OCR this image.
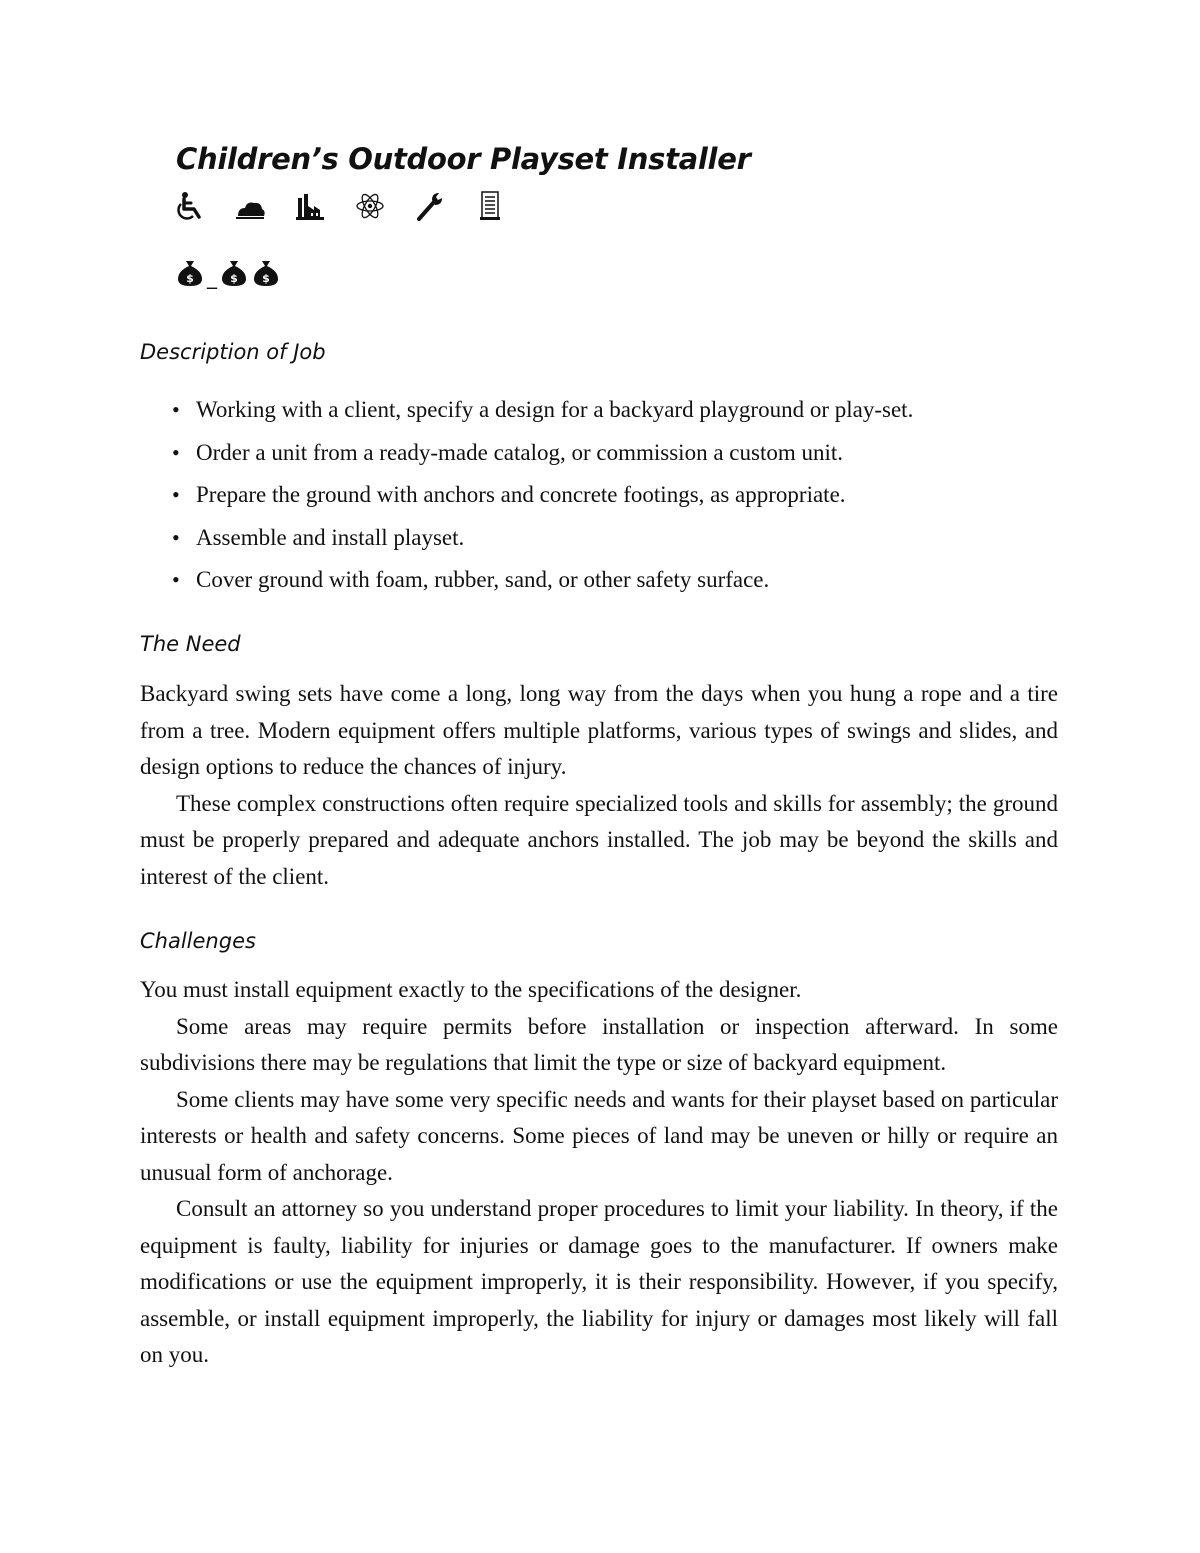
Children’s Outdoor Playset Installer
$ _ $ $
Description of Job
• Working with a client, specify a design for a backyard playground or play-set.
• Order a unit from a ready-made catalog, or commission a custom unit.
• Prepare the ground with anchors and concrete footings, as appropriate.
• Assemble and install playset.
• Cover ground with foam, rubber, sand, or other safety surface.
The Need

Backyard swing sets have come a long, long way from the days when you hung a rope and a tire from a tree. Modern equipment offers multiple platforms, various types of swings and slides, and design options to reduce the chances of injury.

These complex constructions often require specialized tools and skills for assembly; the ground must be properly prepared and adequate anchors installed. The job may be beyond the skills and interest of the client.

Challenges

You must install equipment exactly to the specifications of the designer.

Some areas may require permits before installation or inspection afterward. In some subdivisions there may be regulations that limit the type or size of backyard equipment.

Some clients may have some very specific needs and wants for their playset based on particular interests or health and safety concerns. Some pieces of land may be uneven or hilly or require an unusual form of anchorage.

Consult an attorney so you understand proper procedures to limit your liability. In theory, if the equipment is faulty, liability for injuries or damage goes to the manufacturer. If owners make modifications or use the equipment improperly, it is their responsibility. However, if you specify, assemble, or install equipment improperly, the liability for injury or damages most likely will fall on you.
